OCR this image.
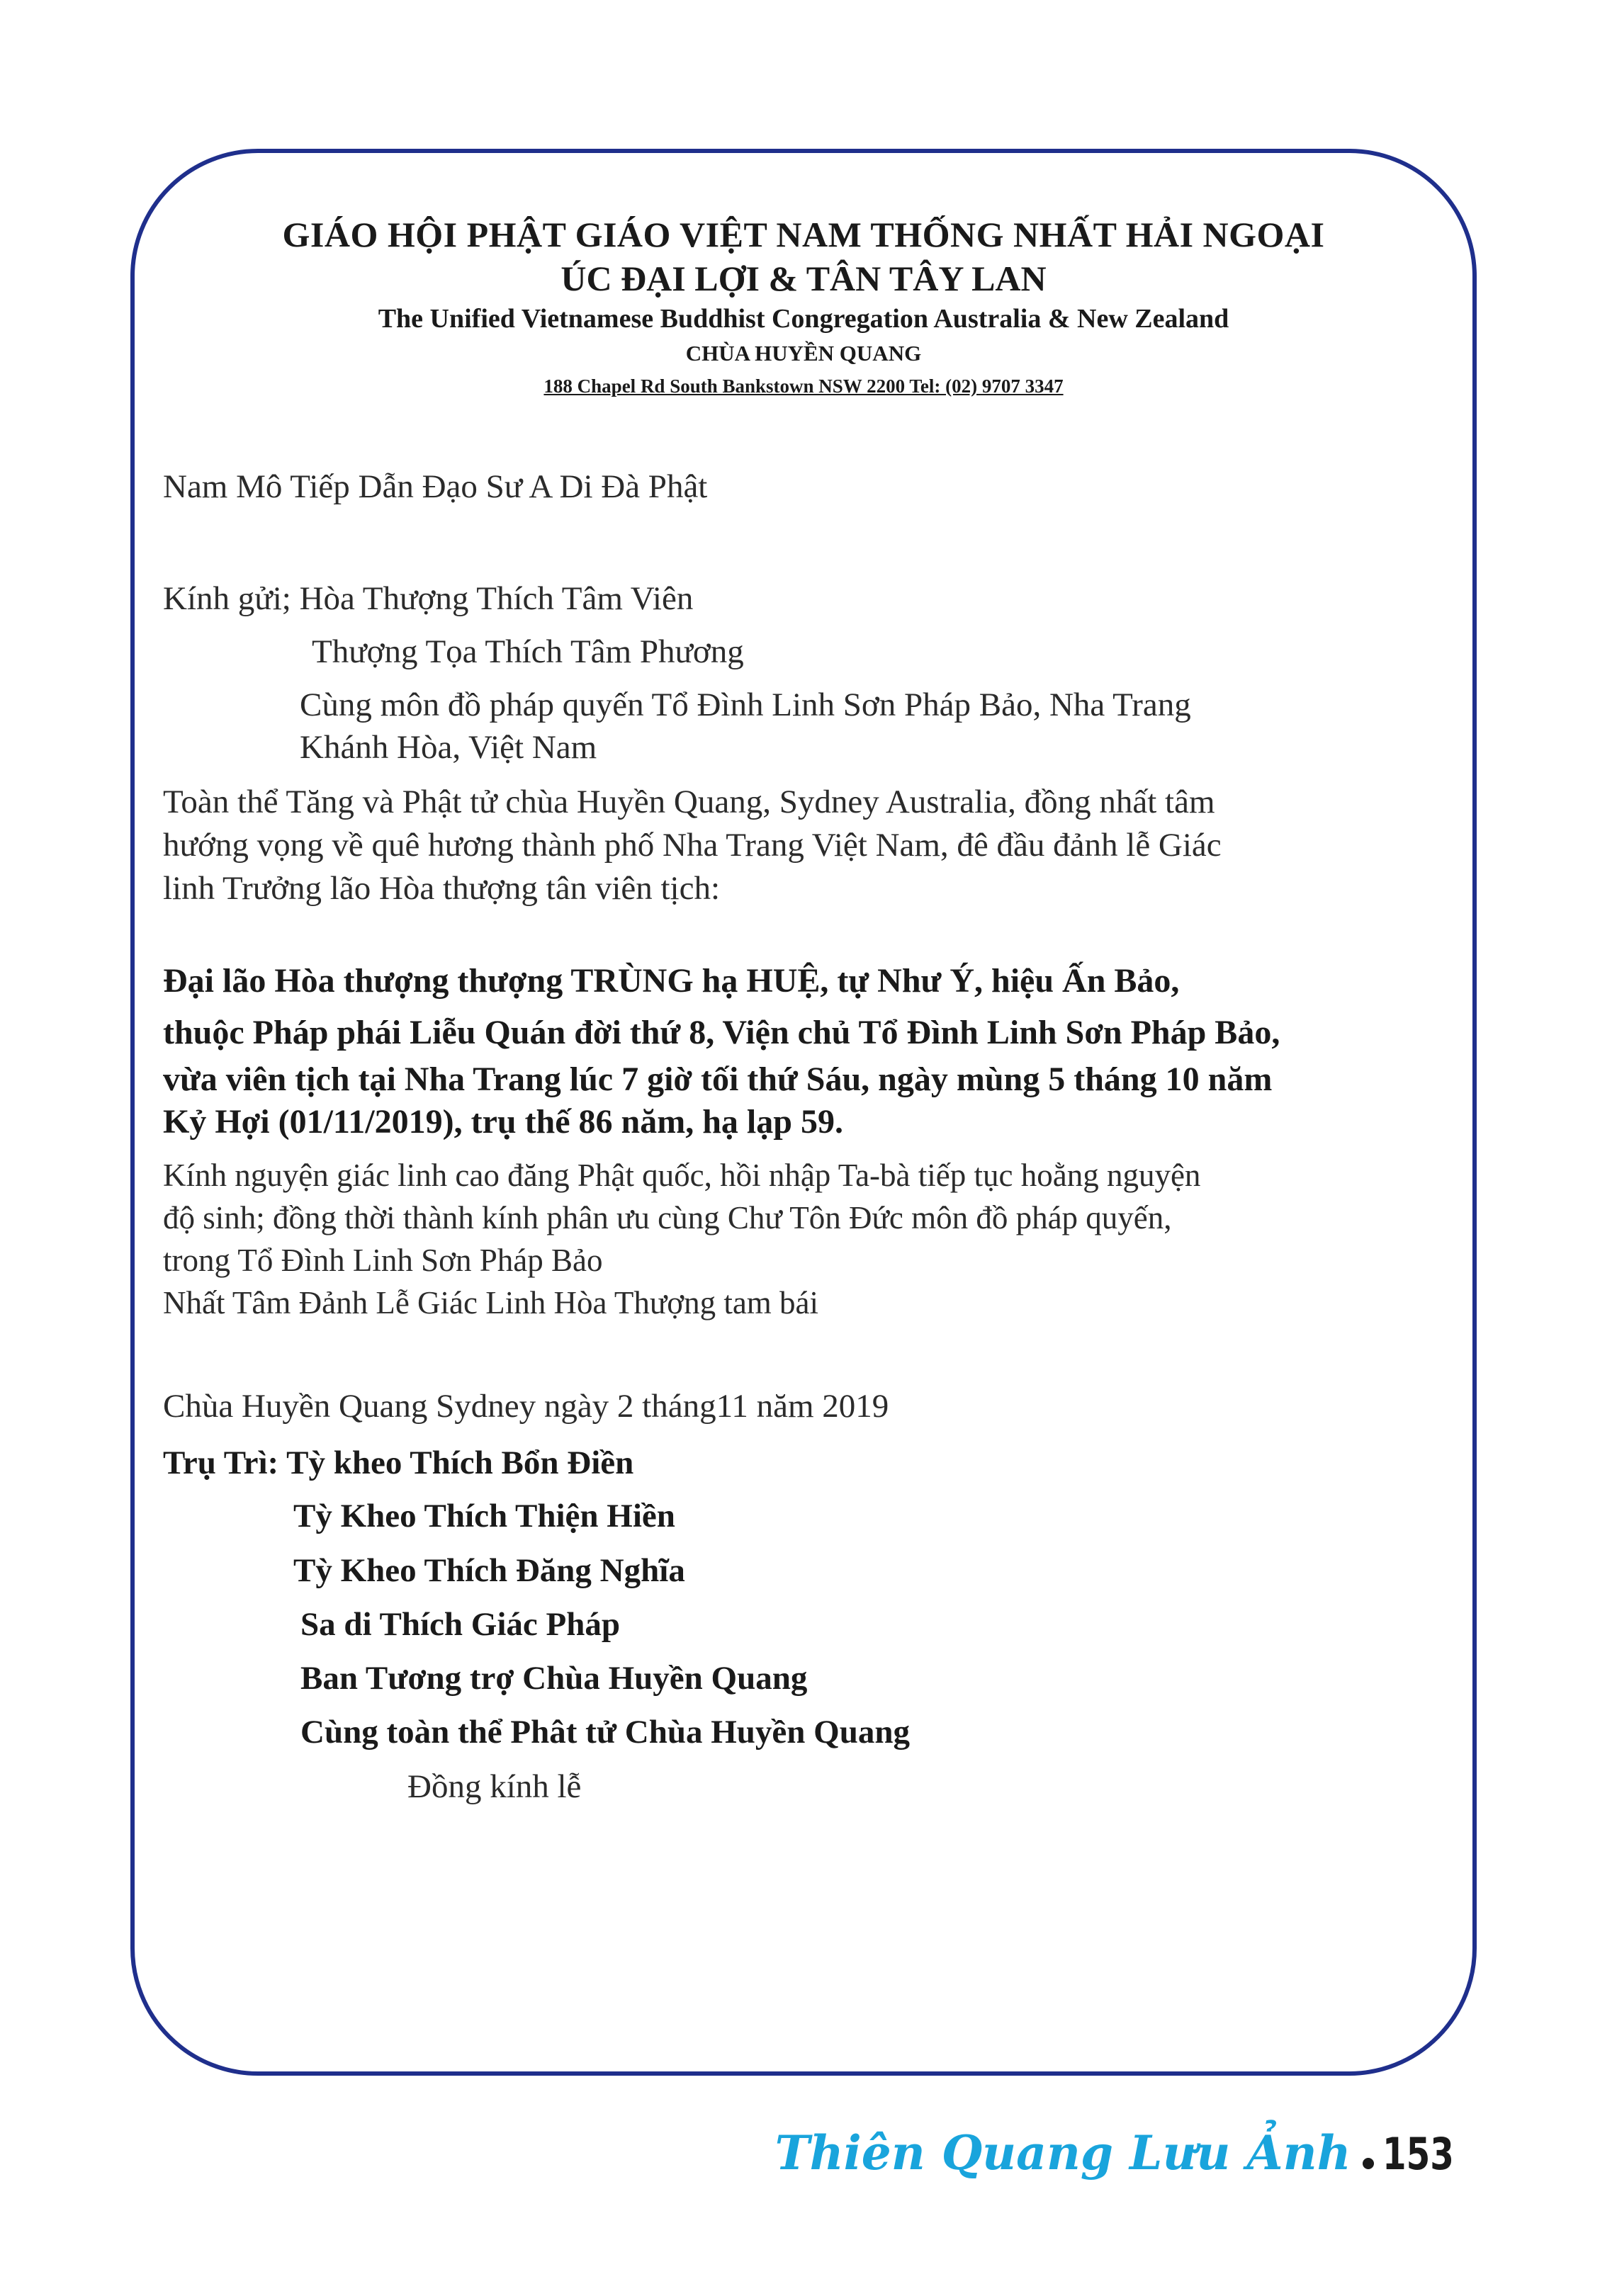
GIÁO HỘI PHẬT GIÁO VIỆT NAM THỐNG NHẤT HẢI NGOẠI
ÚC ĐẠI LỢI & TÂN TÂY LAN
The Unified Vietnamese Buddhist Congregation Australia & New Zealand
CHÙA HUYỀN QUANG
188 Chapel Rd South Bankstown NSW 2200 Tel: (02) 9707 3347
Nam Mô Tiếp Dẫn Đạo Sư A Di Đà Phật
Kính gửi; Hòa Thượng Thích Tâm Viên
Thượng Tọa Thích Tâm Phương
Cùng môn đồ pháp quyến Tổ Đình Linh Sơn Pháp Bảo, Nha Trang
Khánh Hòa, Việt Nam
Toàn thể Tăng và Phật tử chùa Huyền Quang, Sydney Australia, đồng nhất tâm
hướng vọng về quê hương thành phố Nha Trang Việt Nam, đê đầu đảnh lễ Giác
linh Trưởng lão Hòa thượng tân viên tịch:
Đại lão Hòa thượng thượng TRÙNG hạ HUỆ, tự Như Ý, hiệu Ấn Bảo,
thuộc Pháp phái Liễu Quán đời thứ 8, Viện chủ Tổ Đình Linh Sơn Pháp Bảo,
vừa viên tịch tại Nha Trang lúc 7 giờ tối thứ Sáu, ngày mùng 5 tháng 10 năm
Kỷ Hợi (01/11/2019), trụ thế 86 năm, hạ lạp 59.
Kính nguyện giác linh cao đăng Phật quốc, hồi nhập Ta-bà tiếp tục hoằng nguyện
độ sinh; đồng thời thành kính phân ưu cùng Chư Tôn Đức môn đồ pháp quyến,
trong Tổ Đình Linh Sơn Pháp Bảo
Nhất Tâm Đảnh Lễ Giác Linh Hòa Thượng tam bái
Chùa Huyền Quang Sydney ngày 2 tháng11 năm 2019
Trụ Trì: Tỳ kheo Thích Bổn Điền
Tỳ Kheo Thích Thiện Hiền
Tỳ Kheo Thích Đăng Nghĩa
Sa di Thích Giác Pháp
Ban Tương trợ Chùa Huyền Quang
Cùng toàn thể Phât tử Chùa Huyền Quang
Đồng kính lễ
Thiên Quang Lưu Ảnh 153
